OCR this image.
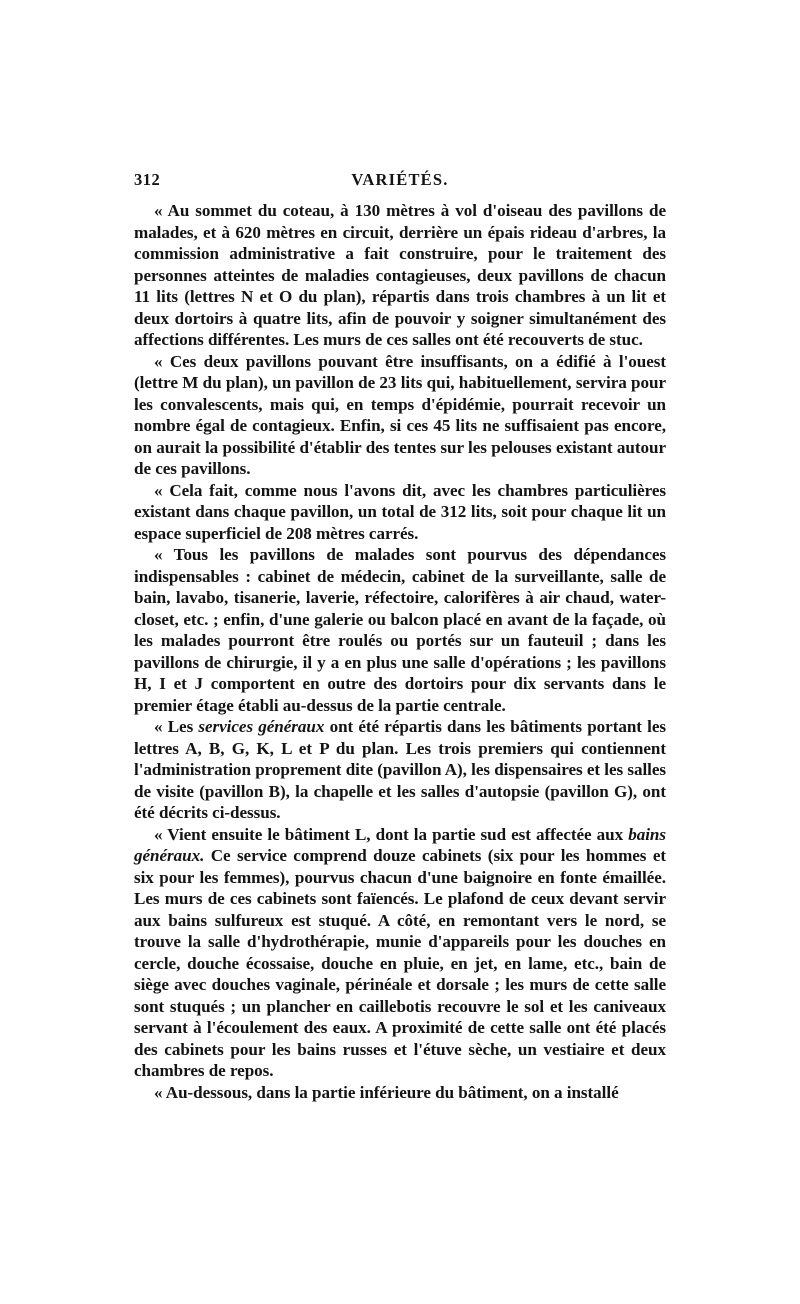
312	VARIÉTÉS.

« Au sommet du coteau, à 130 mètres à vol d'oiseau des pavillons de malades, et à 620 mètres en circuit, derrière un épais rideau d'arbres, la commission administrative a fait construire, pour le traitement des personnes atteintes de maladies contagieuses, deux pavillons de chacun 11 lits (lettres N et O du plan), répartis dans trois chambres à un lit et deux dortoirs à quatre lits, afin de pouvoir y soigner simultanément des affections différentes. Les murs de ces salles ont été recouverts de stuc.

« Ces deux pavillons pouvant être insuffisants, on a édifié à l'ouest (lettre M du plan), un pavillon de 23 lits qui, habituellement, servira pour les convalescents, mais qui, en temps d'épidémie, pourrait recevoir un nombre égal de contagieux. Enfin, si ces 45 lits ne suffisaient pas encore, on aurait la possibilité d'établir des tentes sur les pelouses existant autour de ces pavillons.

« Cela fait, comme nous l'avons dit, avec les chambres particulières existant dans chaque pavillon, un total de 312 lits, soit pour chaque lit un espace superficiel de 208 mètres carrés.

« Tous les pavillons de malades sont pourvus des dépendances indispensables : cabinet de médecin, cabinet de la surveillante, salle de bain, lavabo, tisanerie, laverie, réfectoire, calorifères à air chaud, water-closet, etc. ; enfin, d'une galerie ou balcon placé en avant de la façade, où les malades pourront être roulés ou portés sur un fauteuil ; dans les pavillons de chirurgie, il y a en plus une salle d'opérations ; les pavillons H, I et J comportent en outre des dortoirs pour dix servants dans le premier étage établi au-dessus de la partie centrale.

« Les services généraux ont été répartis dans les bâtiments portant les lettres A, B, G, K, L et P du plan. Les trois premiers qui contiennent l'administration proprement dite (pavillon A), les dispensaires et les salles de visite (pavillon B), la chapelle et les salles d'autopsie (pavillon G), ont été décrits ci-dessus.

« Vient ensuite le bâtiment L, dont la partie sud est affectée aux bains généraux. Ce service comprend douze cabinets (six pour les hommes et six pour les femmes), pourvus chacun d'une baignoire en fonte émaillée. Les murs de ces cabinets sont faïencés. Le plafond de ceux devant servir aux bains sulfureux est stuqué. A côté, en remontant vers le nord, se trouve la salle d'hydrothérapie, munie d'appareils pour les douches en cercle, douche écossaise, douche en pluie, en jet, en lame, etc., bain de siège avec douches vaginale, périnéale et dorsale ; les murs de cette salle sont stuqués ; un plancher en caillebotis recouvre le sol et les caniveaux servant à l'écoulement des eaux. A proximité de cette salle ont été placés des cabinets pour les bains russes et l'étuve sèche, un vestiaire et deux chambres de repos.

« Au-dessous, dans la partie inférieure du bâtiment, on a installé
